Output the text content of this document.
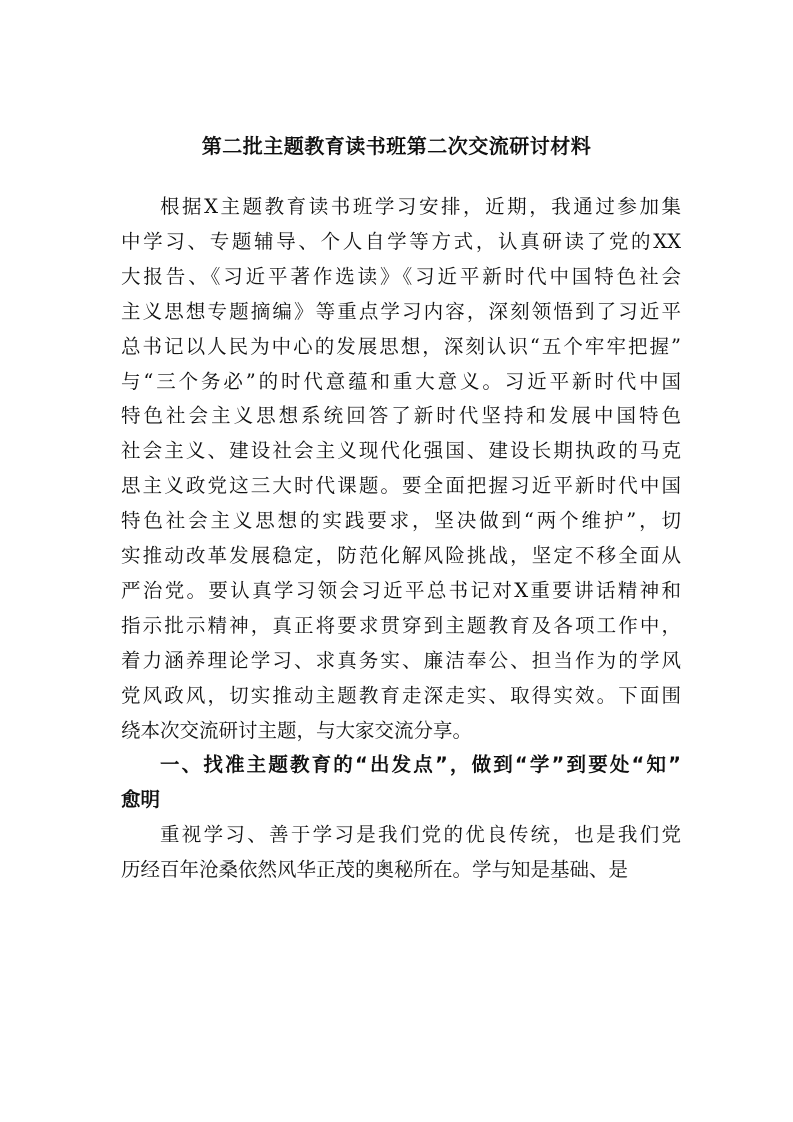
第二批主题教育读书班第二次交流研讨材料
根据X主题教育读书班学习安排，近期，我通过参加集
中学习、专题辅导、个人自学等方式，认真研读了党的XX
大报告、《习近平著作选读》《习近平新时代中国特色社会
主义思想专题摘编》等重点学习内容，深刻领悟到了习近平
总书记以人民为中心的发展思想，深刻认识“五个牢牢把握”
与“三个务必”的时代意蕴和重大意义。习近平新时代中国
特色社会主义思想系统回答了新时代坚持和发展中国特色
社会主义、建设社会主义现代化强国、建设长期执政的马克
思主义政党这三大时代课题。要全面把握习近平新时代中国
特色社会主义思想的实践要求，坚决做到“两个维护”，切
实推动改革发展稳定，防范化解风险挑战，坚定不移全面从
严治党。要认真学习领会习近平总书记对X重要讲话精神和
指示批示精神，真正将要求贯穿到主题教育及各项工作中，
着力涵养理论学习、求真务实、廉洁奉公、担当作为的学风
党风政风，切实推动主题教育走深走实、取得实效。下面围
绕本次交流研讨主题，与大家交流分享。
一、找准主题教育的“出发点”，做到“学”到要处“知”
愈明
重视学习、善于学习是我们党的优良传统，也是我们党
历经百年沧桑依然风华正茂的奥秘所在。学与知是基础、是
